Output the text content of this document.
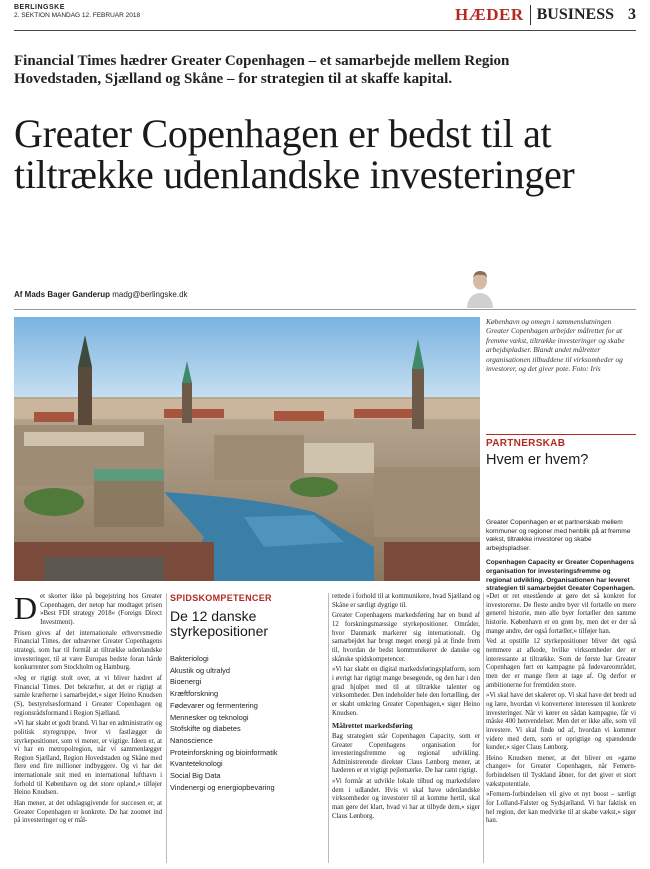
BERLINGSKE
2. SEKTION MANDAG 12. FEBRUAR 2018	HÆDER BUSINESS 3
Financial Times hædrer Greater Copenhagen – et samarbejde mellem Region Hovedstaden, Sjælland og Skåne – for strategien til at skaffe kapital.
Greater Copenhagen er bedst til at tiltrække udenlandske investeringer
Af Mads Bager Ganderup madg@berlingske.dk
København og omegn i sammenslutningen Greater Copenhagen arbejder målrettet for at fremme vækst, tiltrække investeringer og skabe arbejdspladser. Blandt andet målretter organisationen tilbuddene til virksomheder og investorer, og det giver pote. Foto: Iris
PARTNERSKAB
Hvem er hvem?

Greater Copenhagen er et partnerskab mellem kommuner og regioner med henblik på at fremme vækst, tiltrække investorer og skabe arbejdspladser.

Copenhagen Capacity er Greater Copenhagens organisation for investeringsfremme og regional udvikling. Organisationen har leveret strategien til samarbejdet Greater Copenhagen.

Det skorter ikke på begejstring hos Greater Copenhagen, der netop har modtaget prisen »Best FDI strategy 2018« (Foreign Direct Investment).

Prisen gives af det internationale erhvervsmedie Financial Times, der udnævner Greater Copenhagens strategi, som har til formål at tiltrække udenlandske investeringer, til at være Europas bedste foran hårde konkurrenter som Stockholm og Hamburg.

»Jeg er rigtigt stolt over, at vi bliver hædret af Financial Times. Det bekræfter, at det er rigtigt at samle kræfterne i samarbejdet,« siger Heino Knudsen (S), bestyrelsesformand i Greater Copenhagen og regionsrådsformand i Region Sjælland.

»Vi har skabt et godt brand. Vi har en administrativ og politisk styregruppe, hvor vi fastlægger de styrkepositioner, som vi mener, er vigtige. Ideen er, at vi har en metropolregion, når vi sammenlægger Region Sjælland, Region Hovedstaden og Skåne med flere end fire millioner indbyggere. Og vi har det internationale snit med en international lufthavn i forhold til København og det store opland,« tilføjer Heino Knudsen.

Han mener, at det udslagsgivende for succesen er, at Greater Copenhagen er konkrete. De har zoomet ind på investeringer og er mål-

SPIDSKOMPETENCER
De 12 danske styrkepositioner
Bakteriologi
Akustik og ultralyd
Bioenergi
Kræftforskning
Fødevarer og fermentering
Mennesker og teknologi
Stofskifte og diabetes
Nanoscience
Proteinforskning og bioinformatik
Kvanteteknologi
Social Big Data
Vindenergi og energiopbevaring

rettede i forhold til at kommunikere, hvad Sjælland og Skåne er særligt dygtige til.

Greater Copenhagens markedsføring har en bund af 12 forskningsmæssige styrkepositioner. Områder, hvor Danmark markerer sig internationalt. Og samarbejdet har brugt meget energi på at finde frem til, hvordan de bedst kommunikerer de danske og skånske spidskompetencer.

»Vi har skabt en digital markedsføringsplatform, som i øvrigt har rigtigt mange besøgende, og den har i den grad hjulpet med til at tiltrække talenter og virksomheder. Den indeholder hele den fortælling, der er skabt omkring Greater Copenhagen,« siger Heino Knudsen.

Målrettet markedsføring

Bag strategien står Copenhagen Capacity, som er Greater Copenhagens organisation for investeringsfremme og regional udvikling. Administrerende direktør Claus Lønborg mener, at hæderen er et vigtigt pejlemærke. De har ramt rigtigt.

»Vi formår at udvikle lokale tilbud og markedsføre dem i udlandet. Hvis vi skal have udenlandske virksomheder og investorer til at komme hertil, skal man gøre det klart, hvad vi har at tilbyde dem,« siger Claus Lønborg.

»Det er ret enestående at gøre det så konkret for investorerne. De fleste andre byer vil fortælle en mere generel historie, men alle byer fortæller den samme historie. København er en grøn by, men det er der så mange andre, der også fortæller,« tilføjer han.

Ved at opstille 12 styrkepositioner bliver det også nemmere at afkode, hvilke virksomheder der er interessante at tiltrække. Som de første har Greater Copenhagen ført en kampagne på fødevareområdet, men der er mange flere at tage af. Og derfor er ambitionerne for fremtiden store.

»Vi skal have det skaleret op. Vi skal have det bredt ud og lære, hvordan vi konverterer interessen til konkrete investeringer. Når vi kører en sådan kampagne, får vi måske 400 henvendelser. Men det er ikke alle, som vil investere. Vi skal finde ud af, hvordan vi kommer videre med dem, som er oprigtige og spændende kunder,« siger Claus Lønborg.

Heino Knudsen mener, at det bliver en »game changer« for Greater Copenhagen, når Femern-forbindelsen til Tyskland åbner, for det giver et stort vækstpotentiale.

»Femern-forbindelsen vil give et nyt boost – særligt for Lolland-Falster og Sydsjælland. Vi har faktisk en hel region, der kan medvirke til at skabe vækst,« siger han.
